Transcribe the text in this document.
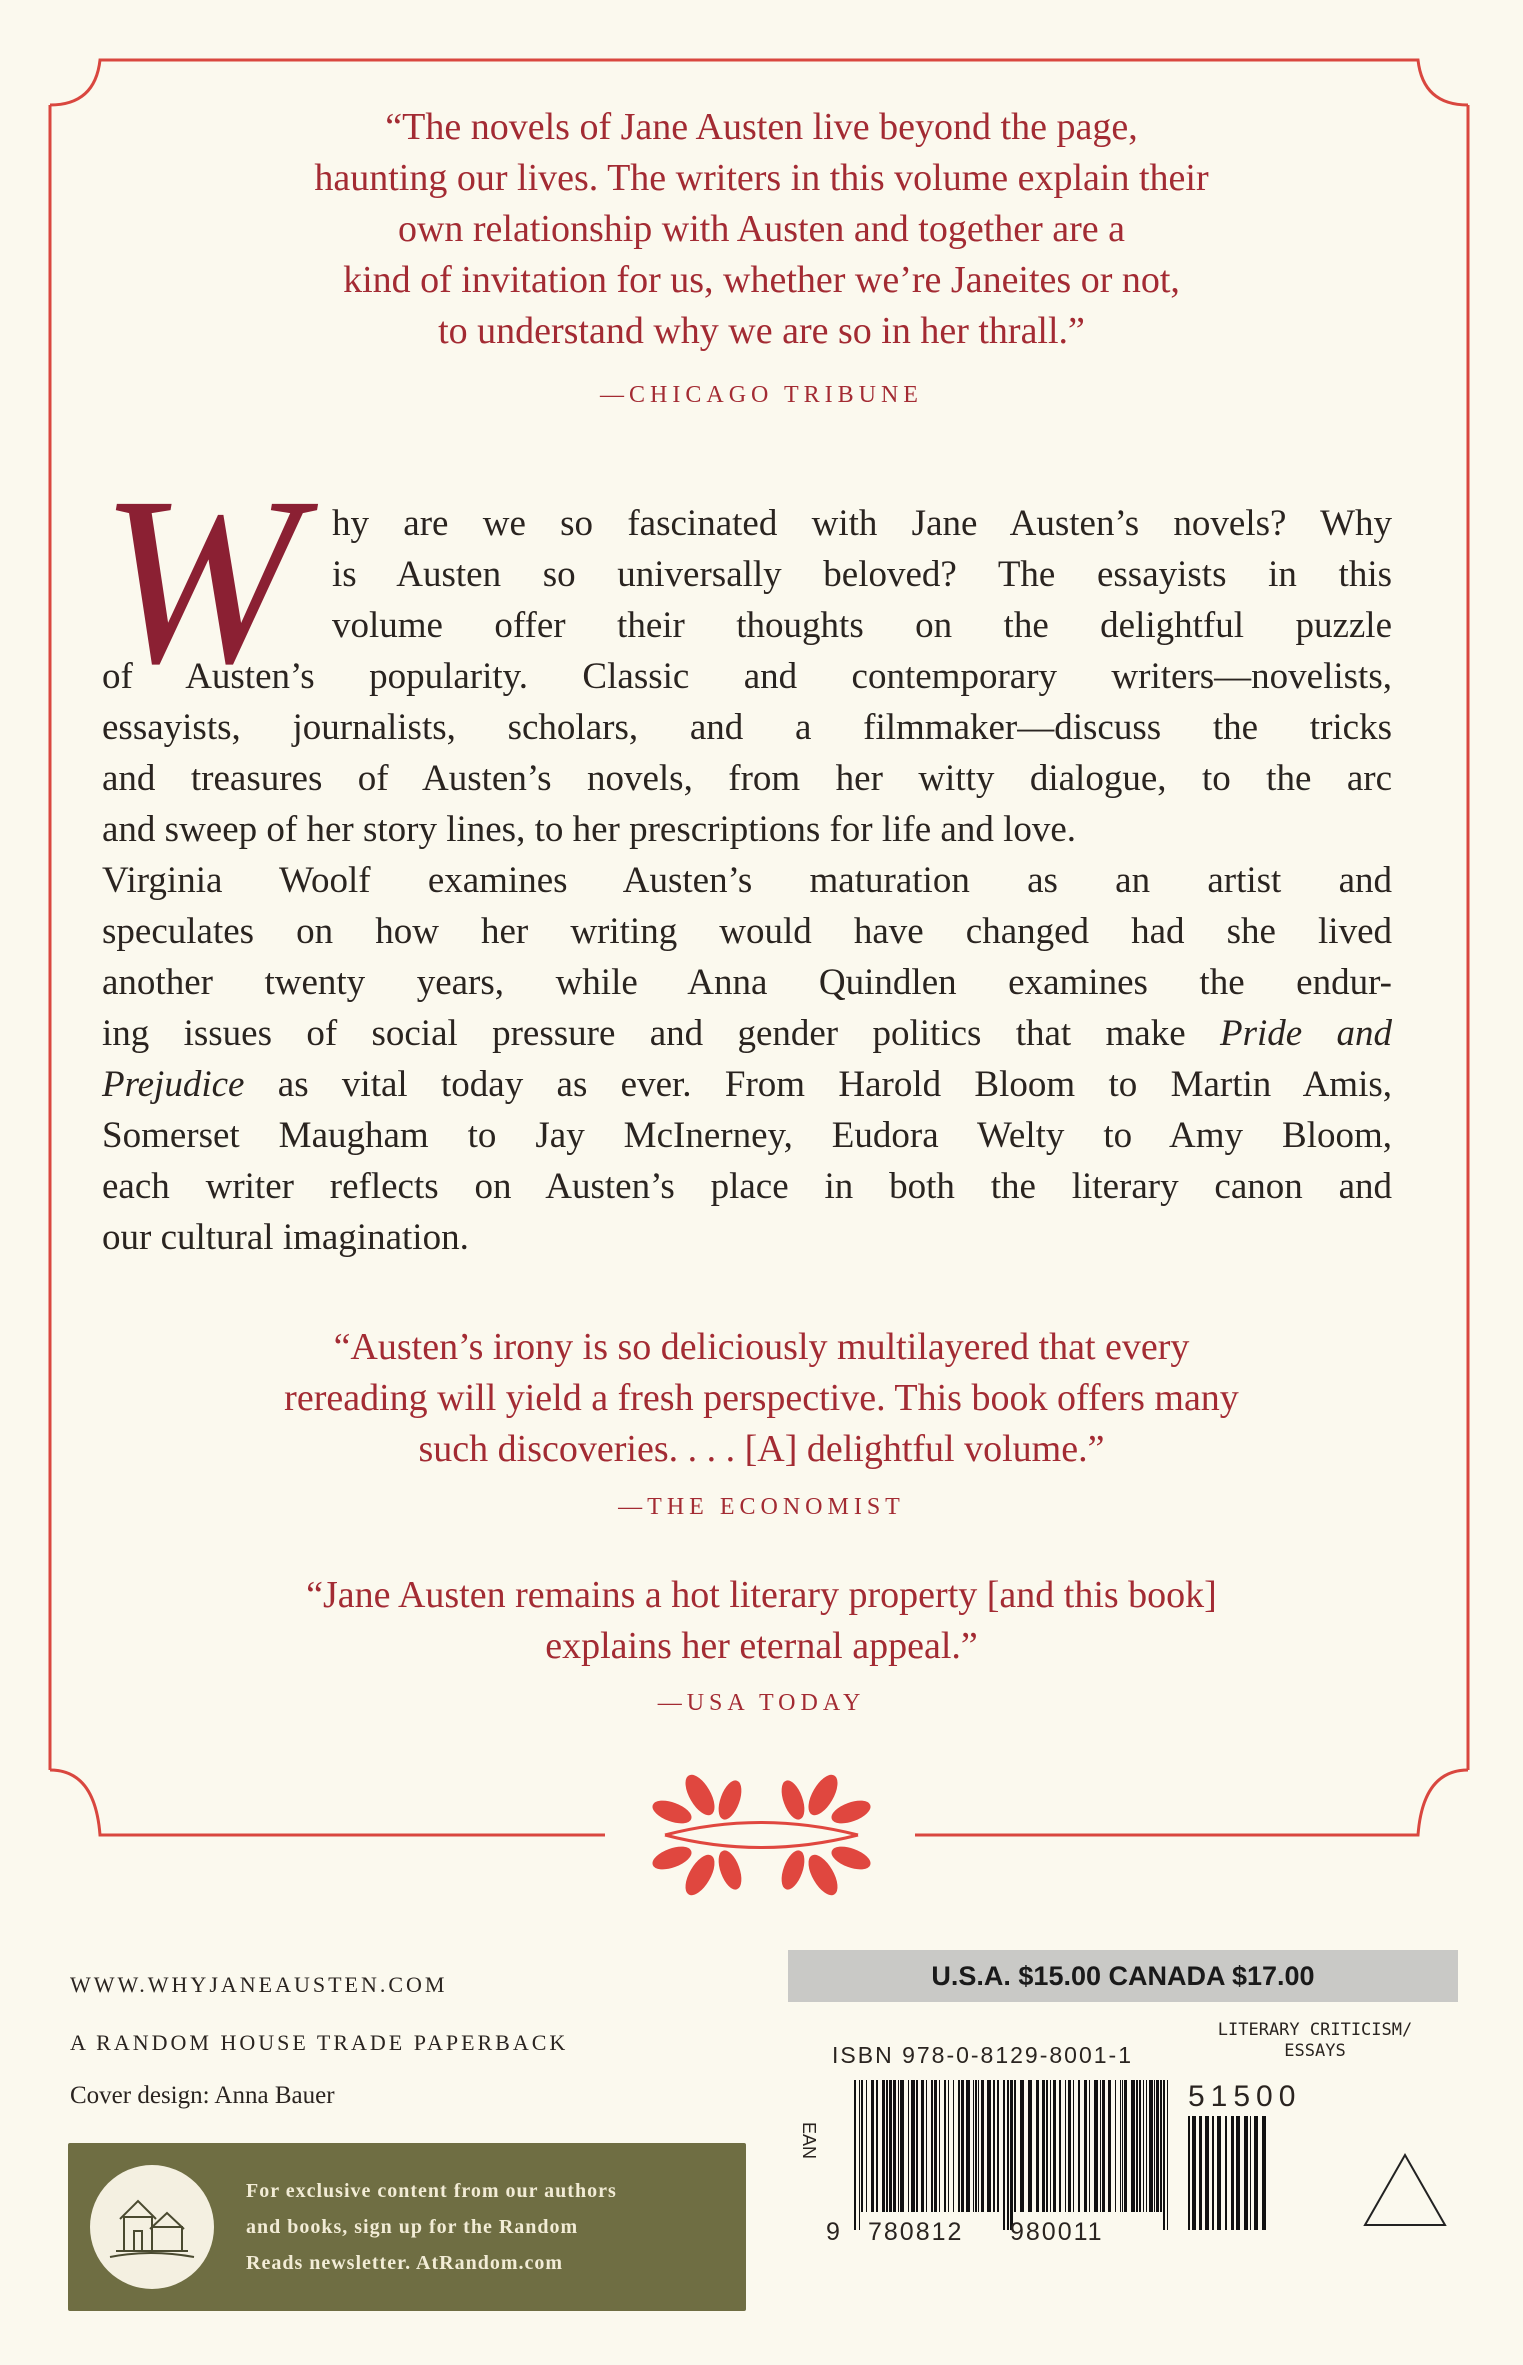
“The novels of Jane Austen live beyond the page,

haunting our lives. The writers in this volume explain their

own relationship with Austen and together are a

kind of invitation for us, whether we’re Janeites or not,

to understand why we are so in her thrall.”

—CHICAGO TRIBUNE
W hy are we so fascinated with Jane Austen’s novels? Why
is Austen so universally beloved? The essayists in this
volume offer their thoughts on the delightful puzzle
of Austen’s popularity. Classic and contemporary writers—novelists,
essayists, journalists, scholars, and a filmmaker—discuss the tricks
and treasures of Austen’s novels, from her witty dialogue, to the arc
and sweep of her story lines, to her prescriptions for life and love.
Virginia Woolf examines Austen’s maturation as an artist and
speculates on how her writing would have changed had she lived
another twenty years, while Anna Quindlen examines the endur-
ing issues of social pressure and gender politics that make Pride and
Prejudice as vital today as ever. From Harold Bloom to Martin Amis,
Somerset Maugham to Jay McInerney, Eudora Welty to Amy Bloom,
each writer reflects on Austen’s place in both the literary canon and
our cultural imagination.

“Austen’s irony is so deliciously multilayered that every

rereading will yield a fresh perspective. This book offers many

such discoveries. . . . [A] delightful volume.”

—THE ECONOMIST

“Jane Austen remains a hot literary property [and this book]

explains her eternal appeal.”

—USA TODAY
WWW.WHYJANEAUSTEN.COM
A RANDOM HOUSE TRADE PAPERBACK
Cover design: Anna Bauer
For exclusive content from our authors
and books, sign up for the Random
Reads newsletter. AtRandom.com
U.S.A. $15.00 CANADA $17.00
ISBN 978-0-8129-8001-1
LITERARY CRITICISM/
ESSAYS
EAN
51500
9 780812 980011
